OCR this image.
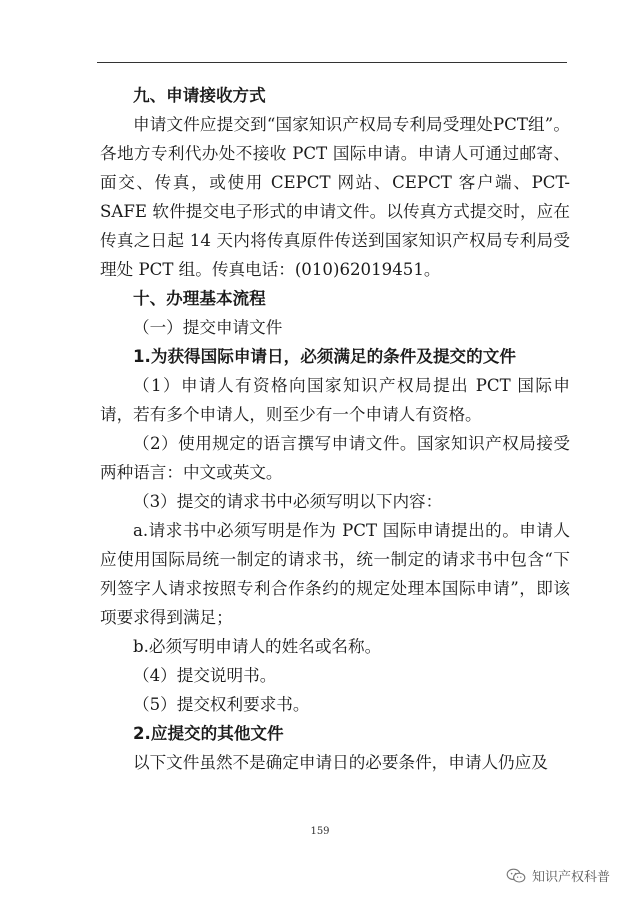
九、申请接收方式

申请文件应提交到“国家知识产权局专利局受理处PCT组”。各地方专利代办处不接收 PCT 国际申请。申请人可通过邮寄、面交、传真，或使用 CEPCT 网站、CEPCT 客户端、PCT-SAFE 软件提交电子形式的申请文件。以传真方式提交时，应在传真之日起 14 天内将传真原件传送到国家知识产权局专利局受理处 PCT 组。传真电话：(010)62019451。

十、办理基本流程

（一）提交申请文件

1.为获得国际申请日，必须满足的条件及提交的文件

（1）申请人有资格向国家知识产权局提出 PCT 国际申请，若有多个申请人，则至少有一个申请人有资格。

（2）使用规定的语言撰写申请文件。国家知识产权局接受两种语言：中文或英文。

（3）提交的请求书中必须写明以下内容：

a.请求书中必须写明是作为 PCT 国际申请提出的。申请人应使用国际局统一制定的请求书，统一制定的请求书中包含“下列签字人请求按照专利合作条约的规定处理本国际申请”，即该项要求得到满足；

b.必须写明申请人的姓名或名称。

（4）提交说明书。

（5）提交权利要求书。

2.应提交的其他文件

以下文件虽然不是确定申请日的必要条件，申请人仍应及

159
知识产权科普
